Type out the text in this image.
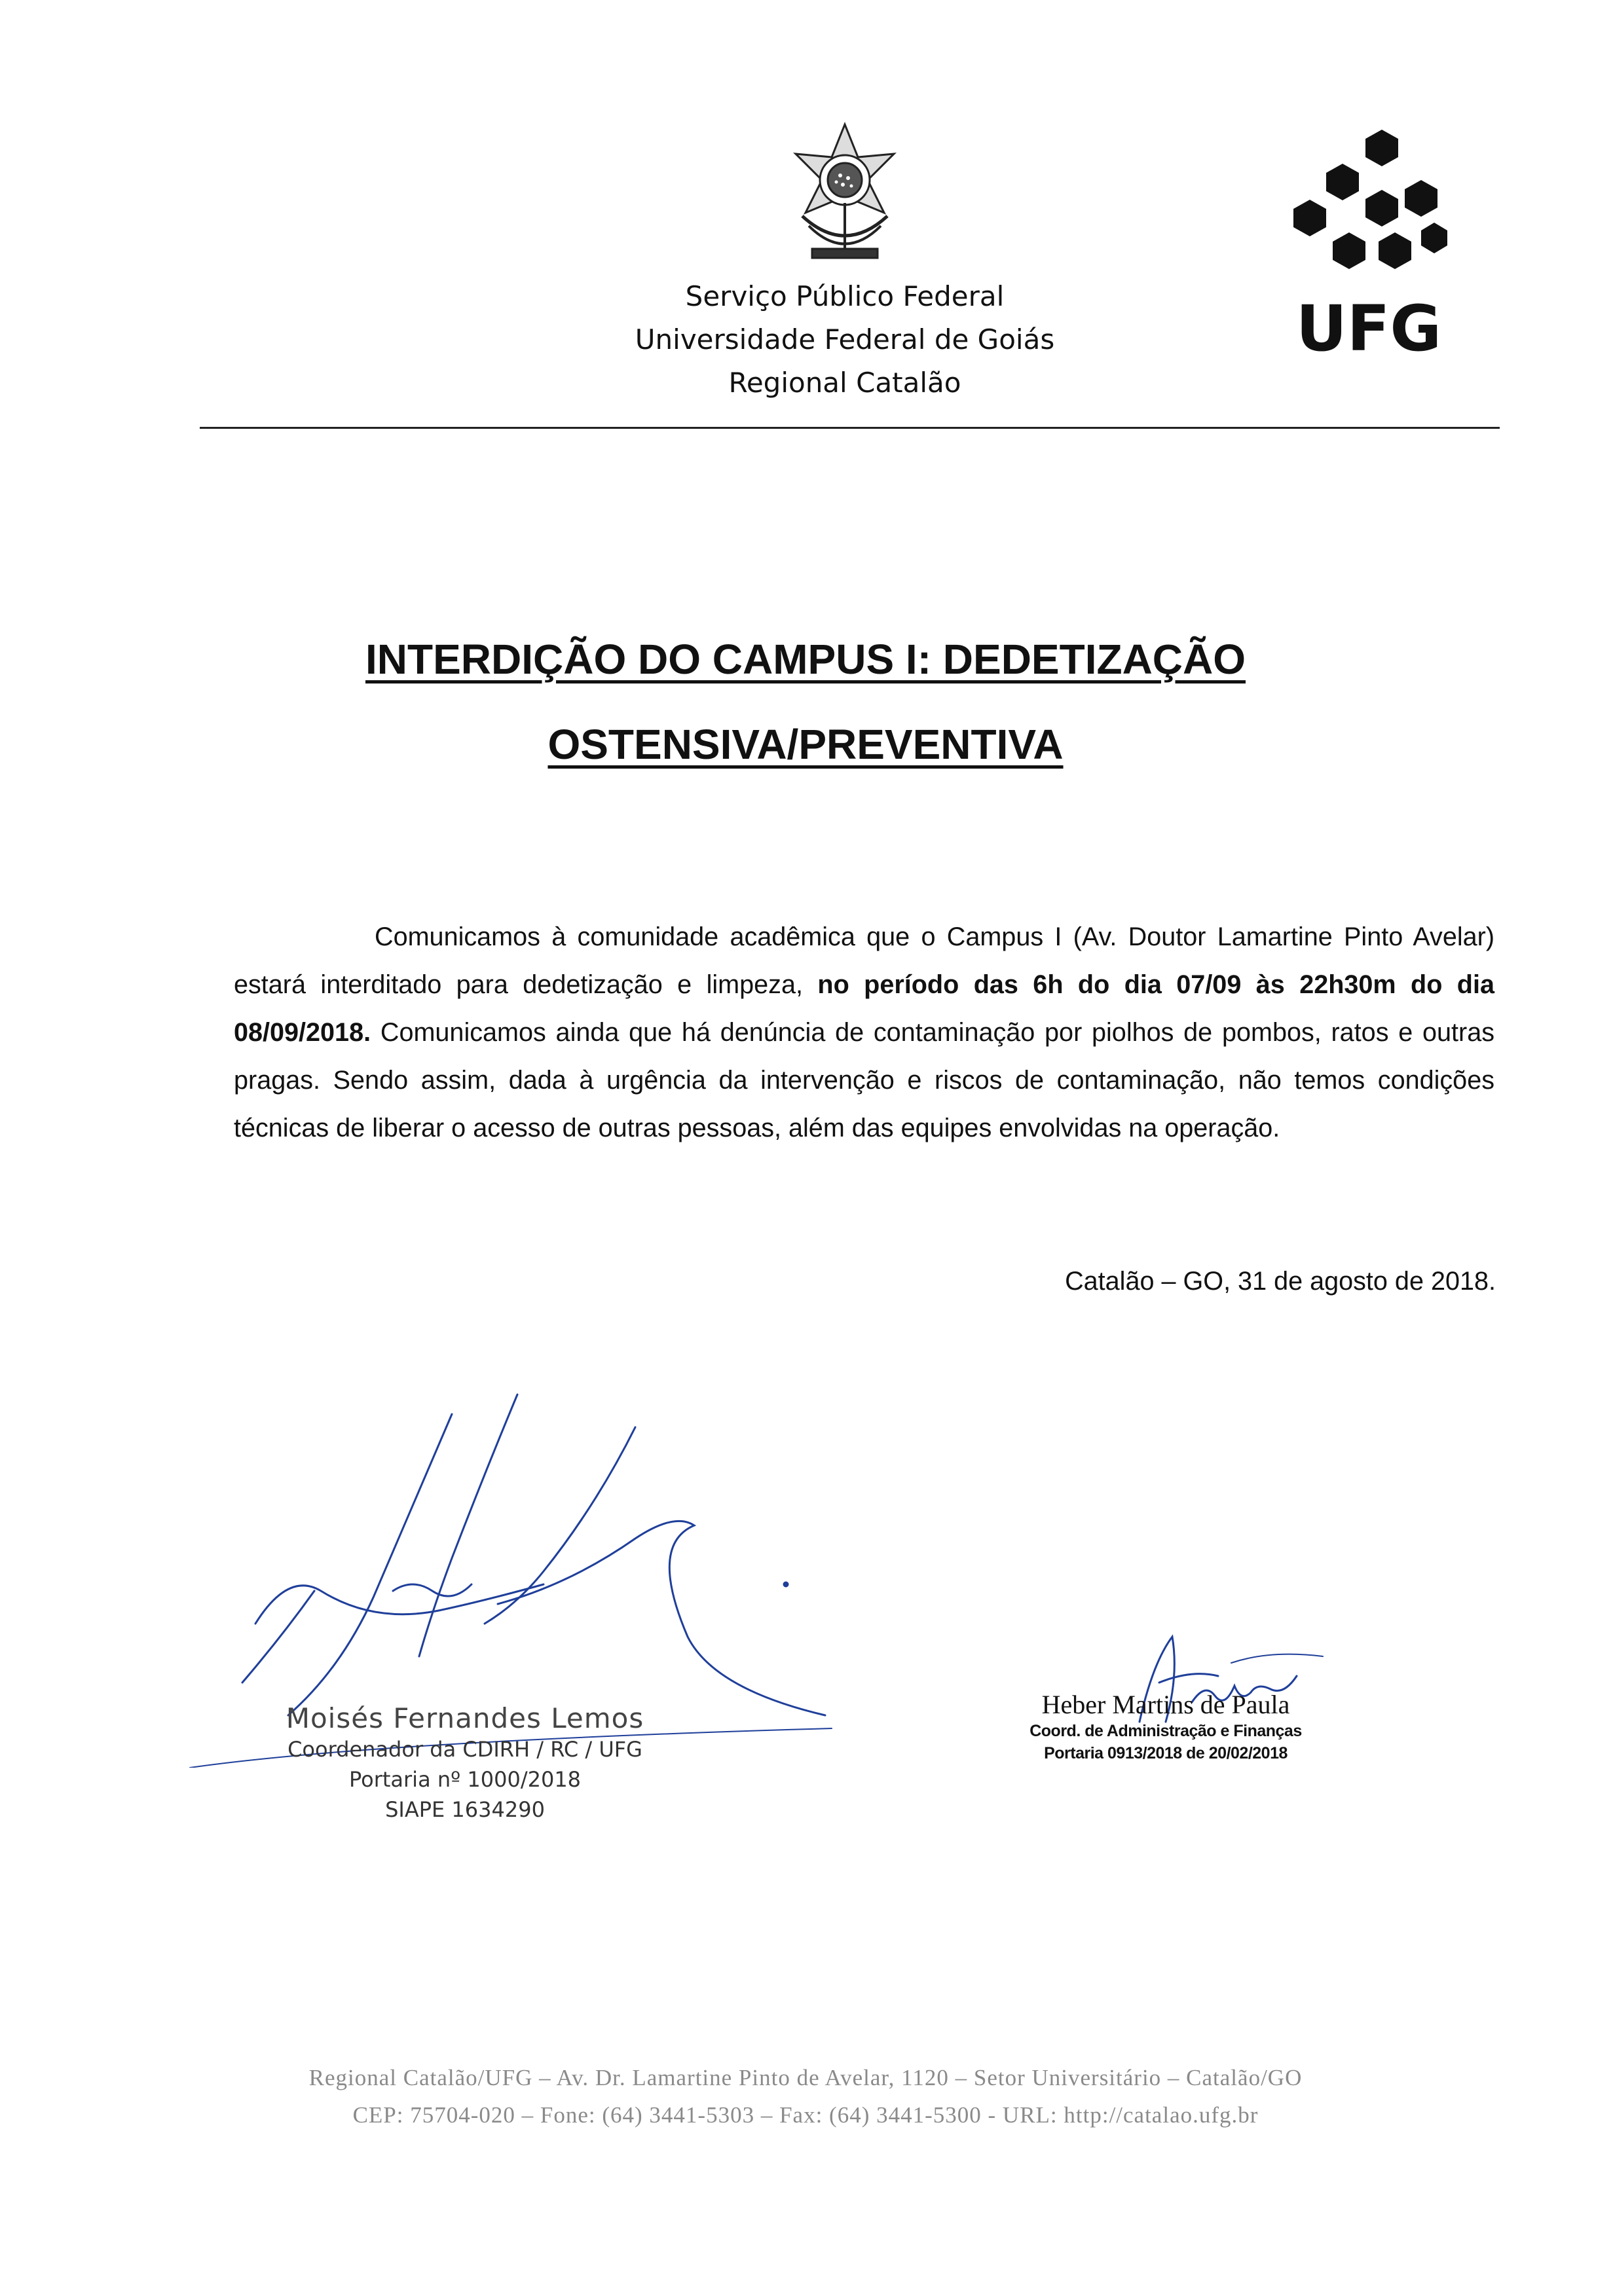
Serviço Público Federal
Universidade Federal de Goiás
Regional Catalão
UFG
INTERDIÇÃO DO CAMPUS I: DEDETIZAÇÃO
OSTENSIVA/PREVENTIVA
Comunicamos à comunidade acadêmica que o Campus I (Av. Doutor Lamartine Pinto Avelar) estará interditado para dedetização e limpeza, no período das 6h do dia 07/09 às 22h30m do dia 08/09/2018. Comunicamos ainda que há denúncia de contaminação por piolhos de pombos, ratos e outras pragas. Sendo assim, dada à urgência da intervenção e riscos de contaminação, não temos condições técnicas de liberar o acesso de outras pessoas, além das equipes envolvidas na operação.
Catalão – GO, 31 de agosto de 2018.
Moisés Fernandes Lemos
Coordenador da CDIRH / RC / UFG
Portaria nº 1000/2018
SIAPE 1634290
Heber Martins de Paula
Coord. de Administração e Finanças
Portaria 0913/2018 de 20/02/2018
Regional Catalão/UFG – Av. Dr. Lamartine Pinto de Avelar, 1120 – Setor Universitário – Catalão/GO
CEP: 75704-020 – Fone: (64) 3441-5303 – Fax: (64) 3441-5300 - URL: http://catalao.ufg.br
